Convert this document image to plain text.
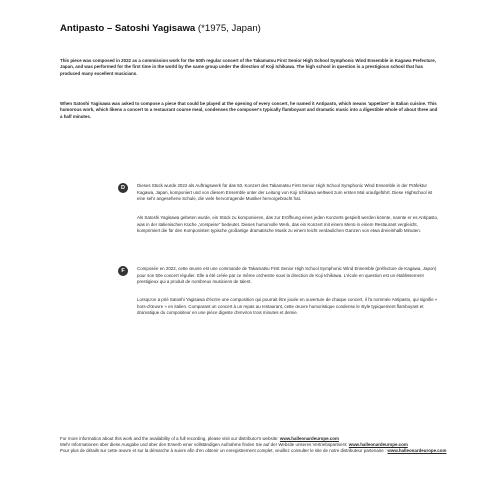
Antipasto – Satoshi Yagisawa (*1975, Japan)

This piece was composed in 2022 as a commission work for the 50th regular concert of the Takamatsu First Senior High School Symphonic Wind Ensemble in Kagawa Prefecture, Japan, and was performed for the first time in the world by the same group under the direction of Koji Ichikawa. The high school in question is a prestigious school that has produced many excellent musicians.

When Satoshi Yagisawa was asked to compose a piece that could be played at the opening of every concert, he named it Antipasto, which means 'appetizer' in Italian cuisine. This humorous work, which likens a concert to a restaurant course meal, condenses the composer's typically flamboyant and dramatic music into a digestible whole of about three and a half minutes.

D	Dieses Stück wurde 2022 als Auftragswerk für das 50. Konzert des Takamatsu First Senior High School Symphonic Wind Ensemble in der Präfektur Kagawa, Japan, komponiert und von diesem Ensemble unter der Leitung von Koji Ichikawa weltweit zum ersten Mal uraufgeführt. Diese Highschool ist eine sehr angesehene Schule, die viele hervorragende Musiker hervorgebracht hat.

Als Satoshi Yagisawa gebeten wurde, ein Stück zu komponieren, das zur Eröffnung eines jeden Konzerts gespielt werden könnte, nannte er es Antipasto, was in der italienischen Küche „Vorspeise“ bedeutet. Dieses humorvolle Werk, das ein Konzert mit einem Menü in einem Restaurant vergleicht, komprimiert die für den Komponisten typische großartige dramatische Musik zu einem leicht verdaulichen Ganzen von etwa dreieinhalb Minuten.

F	Composée en 2022, cette œuvre est une commande de Takamatsu First Senior High School Symphonic Wind Ensemble (préfecture de Kagawa, Japon) pour son 50e concert régulier. Elle a été créée par ce même orchestre sous la direction de Koji Ichikawa. L'école en question est un établissement prestigieux qui a produit de nombreux musiciens de talent.

Lorsqu'on a prié Satoshi Yagisawa d'écrire une composition qui pourrait être jouée en ouverture de chaque concert, il l'a nommée Antipasto, qui signifie « hors-d'œuvre » en italien. Comparant un concert à un repas au restaurant, cette œuvre humoristique condense le style typiquement flamboyant et dramatique du compositeur en une pièce digeste d'environ trois minutes et demie.

For more information about this work and the availability of a full recording, please visit our distributor's website: www.halleonardeurope.com
Mehr Informationen über diese Ausgabe und über den Erwerb einer vollständigen Aufnahme finden Sie auf der Website unseres Vertriebspartners: www.halleonardeurope.com
Pour plus de détails sur cette œuvre et sur la démarche à suivre afin d'en obtenir un enregistrement complet, veuillez consulter le site de notre distributeur partenaire : www.halleonardeurope.com
